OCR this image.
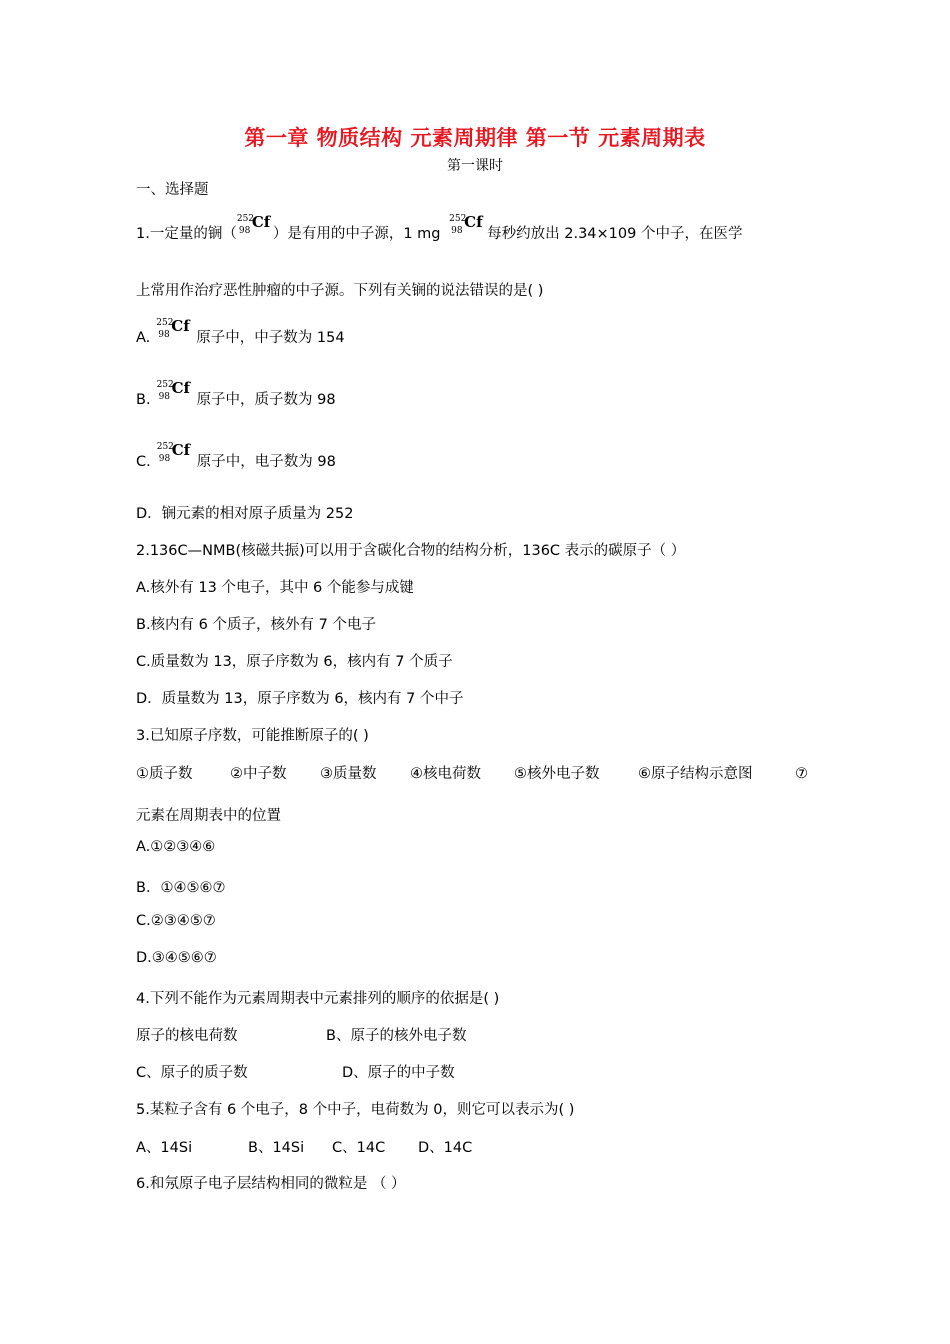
第一章 物质结构 元素周期律 第一节 元素周期表
第一课时
一、选择题
1.一定量的锎（
252
98 Cf
）是有用的中子源，1 mg
252
98 Cf
每秒约放出 2.34×109 个中子，在医学
上常用作治疗恶性肿瘤的中子源。下列有关锎的说法错误的是( )
A.
252
98 Cf
原子中，中子数为 154
B.
252
98 Cf
原子中，质子数为 98
C.
252
98 Cf
原子中，电子数为 98
D．锎元素的相对原子质量为 252
2.136C—NMB(核磁共振)可以用于含碳化合物的结构分析，136C 表示的碳原子（ ）
A.核外有 13 个电子，其中 6 个能参与成键
B.核内有 6 个质子，核外有 7 个电子
C.质量数为 13，原子序数为 6，核内有 7 个质子
D．质量数为 13，原子序数为 6，核内有 7 个中子
3.已知原子序数，可能推断原子的( )
①质子数	②中子数 ③质量数 ④核电荷数 ⑤核外电子数	⑥原子结构示意图	⑦
元素在周期表中的位置
A.①②③④⑥
B．①④⑤⑥⑦
C.②③④⑤⑦
D.③④⑤⑥⑦
4.下列不能作为元素周期表中元素排列的顺序的依据是( )
原子的核电荷数	B、原子的核外电子数
C、原子的质子数	D、原子的中子数
5.某粒子含有 6 个电子，8 个中子，电荷数为 0，则它可以表示为( )
A、14Si	B、14Si C、14C D、14C
6.和氖原子电子层结构相同的微粒是 （ ）
